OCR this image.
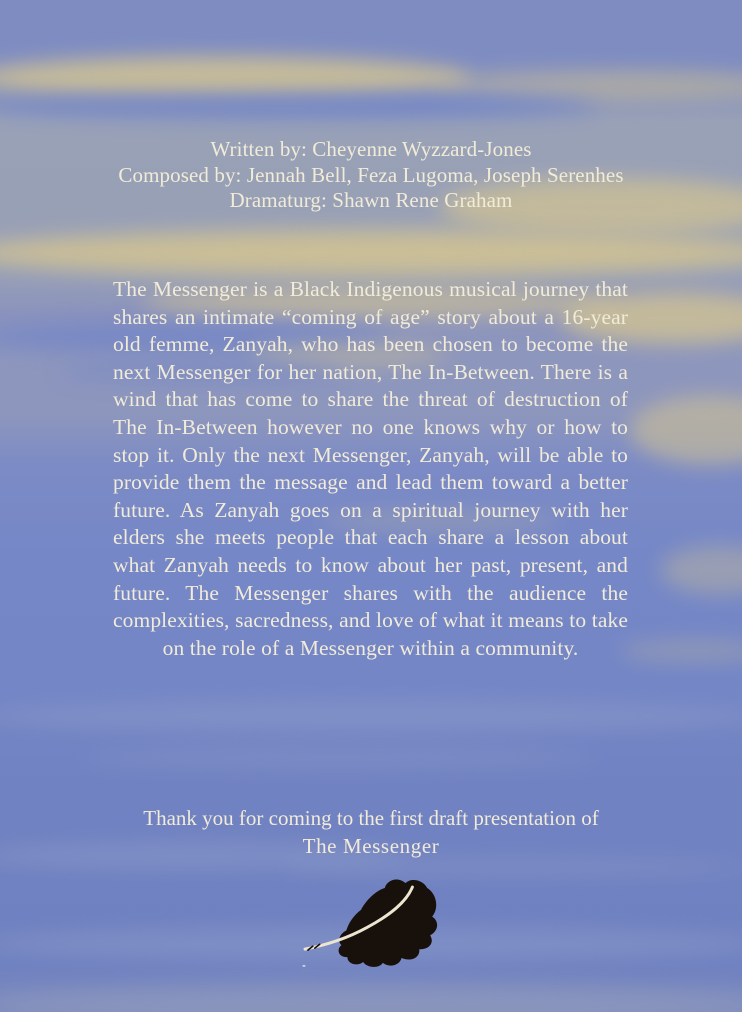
Written by: Cheyenne Wyzzard-Jones
Composed by: Jennah Bell, Feza Lugoma, Joseph Serenhes
Dramaturg: Shawn Rene Graham

The Messenger is a Black Indigenous musical journey that shares an intimate “coming of age” story about a 16-year old femme, Zanyah, who has been chosen to become the next Messenger for her nation, The In-Between. There is a wind that has come to share the threat of destruction of The In-Between however no one knows why or how to stop it. Only the next Messenger, Zanyah, will be able to provide them the message and lead them toward a better future. As Zanyah goes on a spiritual journey with her elders she meets people that each share a lesson about what Zanyah needs to know about her past, present, and future. The Messenger shares with the audience the complexities, sacredness, and love of what it means to take on the role of a Messenger within a community.

Thank you for coming to the first draft presentation of
The Messenger
